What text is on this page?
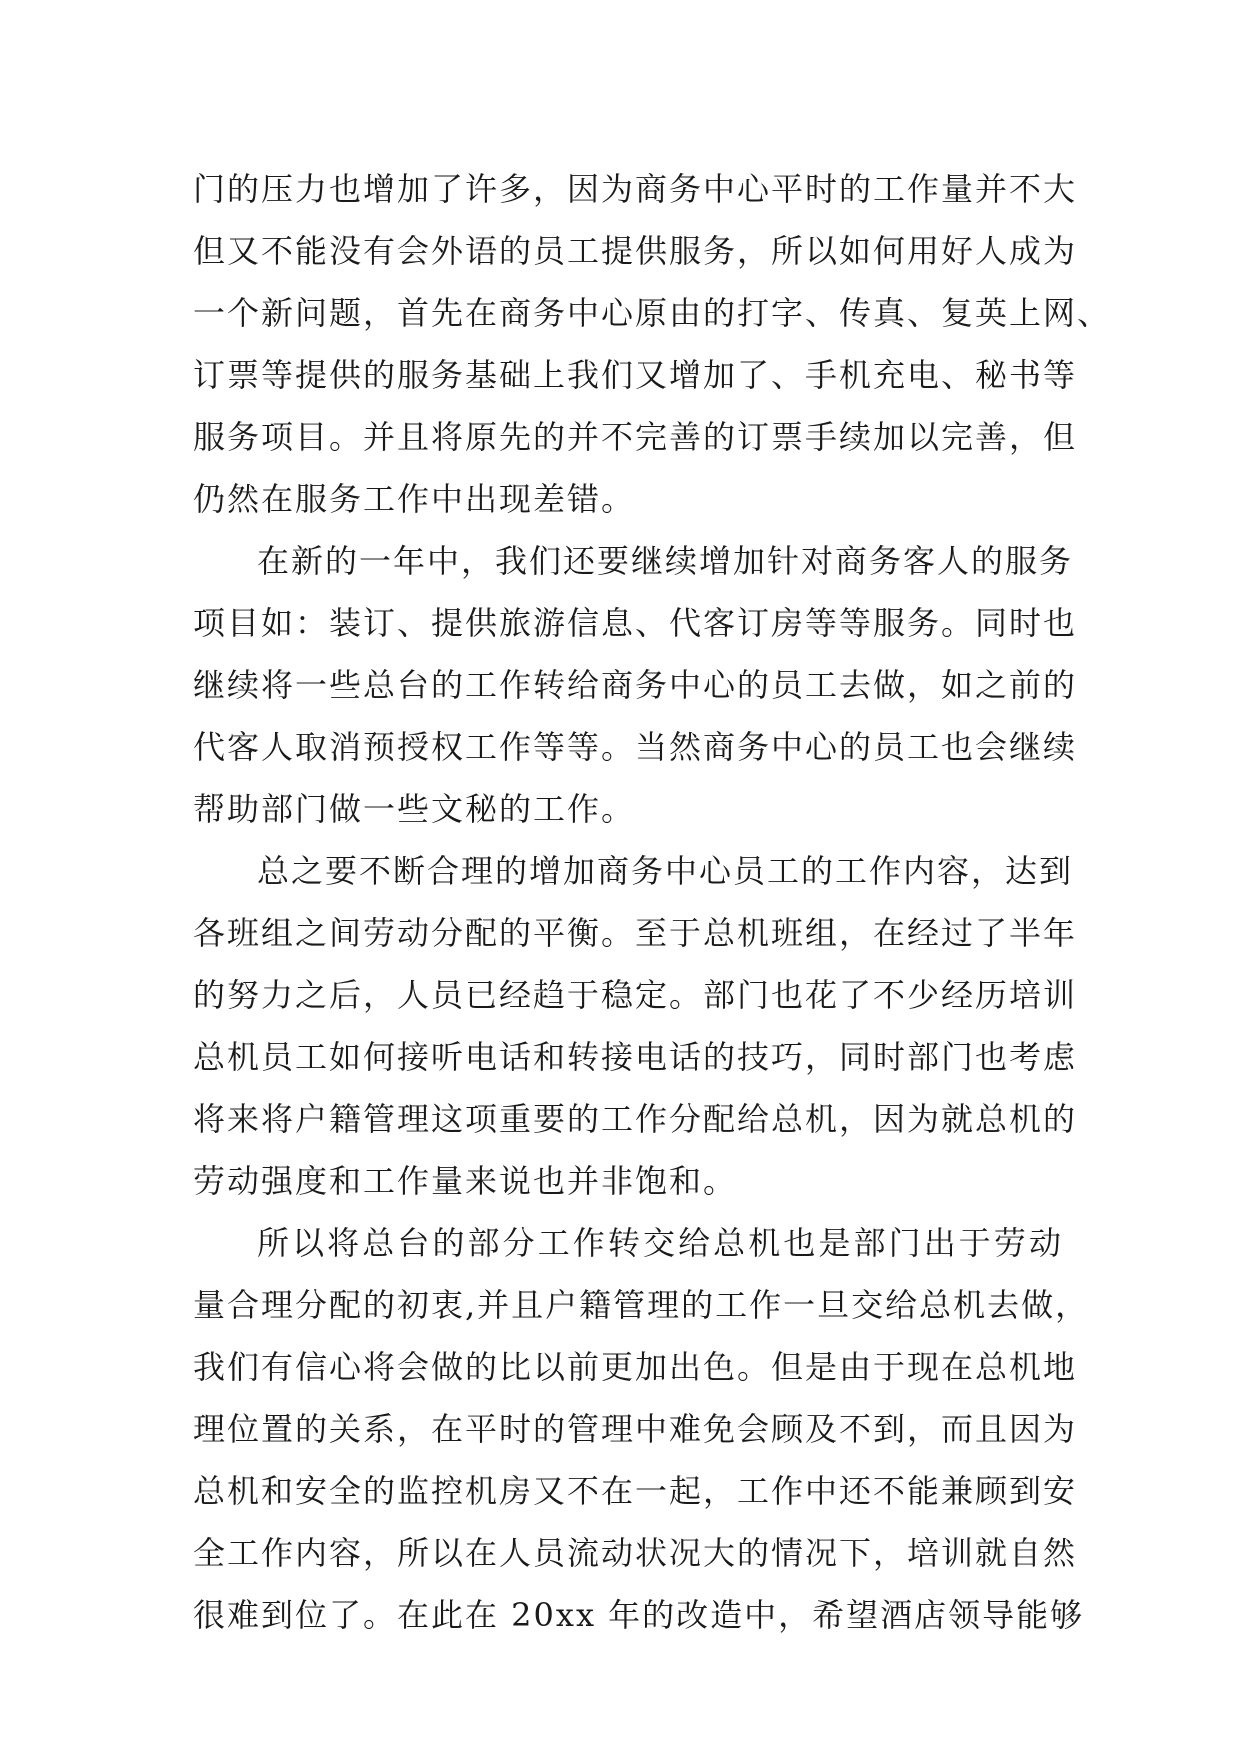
门的压力也增加了许多，因为商务中心平时的工作量并不大
但又不能没有会外语的员工提供服务，所以如何用好人成为
一个新问题，首先在商务中心原由的打字、传真、复英上网、
订票等提供的服务基础上我们又增加了、手机充电、秘书等
服务项目。并且将原先的并不完善的订票手续加以完善，但
仍然在服务工作中出现差错。
在新的一年中，我们还要继续增加针对商务客人的服务
项目如：装订、提供旅游信息、代客订房等等服务。同时也
继续将一些总台的工作转给商务中心的员工去做，如之前的
代客人取消预授权工作等等。当然商务中心的员工也会继续
帮助部门做一些文秘的工作。
总之要不断合理的增加商务中心员工的工作内容，达到
各班组之间劳动分配的平衡。至于总机班组，在经过了半年
的努力之后，人员已经趋于稳定。部门也花了不少经历培训
总机员工如何接听电话和转接电话的技巧，同时部门也考虑
将来将户籍管理这项重要的工作分配给总机，因为就总机的
劳动强度和工作量来说也并非饱和。
所以将总台的部分工作转交给总机也是部门出于劳动
量合理分配的初衷,并且户籍管理的工作一旦交给总机去做，
我们有信心将会做的比以前更加出色。但是由于现在总机地
理位置的关系，在平时的管理中难免会顾及不到，而且因为
总机和安全的监控机房又不在一起，工作中还不能兼顾到安
全工作内容，所以在人员流动状况大的情况下，培训就自然
很难到位了。在此在 20xx 年的改造中，希望酒店领导能够
